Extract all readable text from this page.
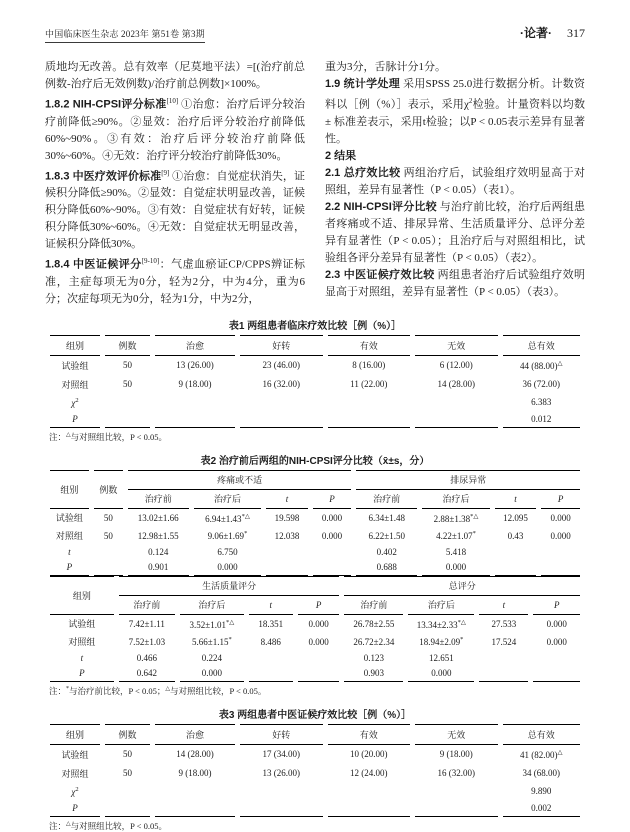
中国临床医生杂志 2023年 第51卷 第3期	·论著· 317

质地均无改善。总有效率（尼莫地平法）=[(治疗前总例数-治疗后无效例数)/治疗前总例数]×100%。

1.8.2 NIH-CPSI评分标准[10] ①治愈：治疗后评分较治疗前降低≥90%。②显效：治疗后评分较治疗前降低60%~90%。③有效：治疗后评分较治疗前降低30%~60%。④无效：治疗评分较治疗前降低30%。

1.8.3 中医疗效评价标准[9] ①治愈：自觉症状消失，证候积分降低≥90%。②显效：自觉症状明显改善，证候积分降低60%~90%。③有效：自觉症状有好转，证候积分降低30%~60%。④无效：自觉症状无明显改善，证候积分降低30%。

1.8.4 中医证候评分[9-10]：气虚血瘀证CP/CPPS辨证标准，主症每项无为0分，轻为2分，中为4分，重为6分；次症每项无为0分，轻为1分，中为2分，

重为3分，舌脉计分1分。

1.9 统计学处理 采用SPSS 25.0进行数据分析。计数资料以［例（%）］表示，采用$\chi^2$检验。计量资料以均数 ± 标准差表示，采用t检验；以P < 0.05表示差异有显著性。

2 结果

2.1 总疗效比较 两组治疗后，试验组疗效明显高于对照组，差异有显著性（P < 0.05）（表1）。

2.2 NIH-CPSI评分比较 与治疗前比较，治疗后两组患者疼痛或不适、排尿异常、生活质量评分、总评分差异有显著性（P < 0.05）；且治疗后与对照组相比，试验组各评分差异有显著性（P < 0.05）（表2）。

2.3 中医证候疗效比较 两组患者治疗后试验组疗效明显高于对照组，差异有显著性（P < 0.05）（表3）。

表1 两组患者临床疗效比较［例（%）］
组别	例数	治愈	好转	有效	无效	总有效
试验组	50	13 (26.00)	23 (46.00)	8 (16.00)	6 (12.00)	44 (88.00)△
对照组	50	9 (18.00)	16 (32.00)	11 (22.00)	14 (28.00)	36 (72.00)
$\chi^2$						6.383
P						0.012
注：△与对照组比较，P < 0.05。
表2 治疗前后两组的NIH-CPSI评分比较（x̄±s，分）
组别	例数	疼痛或不适				排尿异常			
		治疗前	治疗后	t	P	治疗前	治疗后	t	P
试验组	50	13.02±1.66	6.94±1.43*△	19.598	0.000	6.34±1.48	2.88±1.38*△	12.095	0.000
对照组	50	12.98±1.55	9.06±1.69*	12.038	0.000	6.22±1.50	4.22±1.07*	0.43	0.000
t		0.124	6.750			0.402	5.418		
P		0.901	0.000			0.688	0.000		
组别	生活质量评分				总评分			
	治疗前	治疗后	t	P	治疗前	治疗后	t	P
试验组	7.42±1.11	3.52±1.01*△	18.351	0.000	26.78±2.55	13.34±2.33*△	27.533	0.000
对照组	7.52±1.03	5.66±1.15*	8.486	0.000	26.72±2.34	18.94±2.09*	17.524	0.000
t	0.466	0.224			0.123	12.651		
P	0.642	0.000			0.903	0.000		
注：*与治疗前比较，P < 0.05；△与对照组比较，P < 0.05。
表3 两组患者中医证候疗效比较［例（%）］
组别	例数	治愈	好转	有效	无效	总有效
试验组	50	14 (28.00)	17 (34.00)	10 (20.00)	9 (18.00)	41 (82.00)△
对照组	50	9 (18.00)	13 (26.00)	12 (24.00)	16 (32.00)	34 (68.00)
$\chi^2$						9.890
P						0.002
注：△与对照组比较，P < 0.05。
